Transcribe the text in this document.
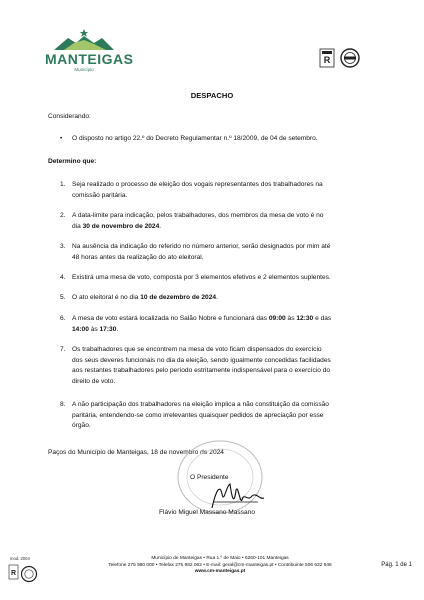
MANTEIGAS
Município
R
DESPACHO
Considerando:
• O disposto no artigo 22.º do Decreto Regulamentar n.º 18/2009, de 04 de setembro.
Determino que:
1. Seja realizado o processo de eleição dos vogais representantes dos trabalhadores na
comissão paritária.
2. A data-limite para indicação, pelos trabalhadores, dos membros da mesa de voto é no
dia 30 de novembro de 2024.
3. Na ausência da indicação do referido no número anterior, serão designados por mim até
48 horas antes da realização do ato eleitoral.
4. Existirá uma mesa de voto, composta por 3 elementos efetivos e 2 elementos suplentes.
5. O ato eleitoral é no dia 10 de dezembro de 2024.
6. A mesa de voto estará localizada no Salão Nobre e funcionará das 09:00 às 12:30 e das
14:00 às 17:30.
7. Os trabalhadores que se encontrem na mesa de voto ficam dispensados do exercício
dos seus deveres funcionais no dia da eleição, sendo igualmente concedidas facilidades
aos restantes trabalhadores pelo período estritamente indispensável para o exercício do
direito de voto.
8. A não participação dos trabalhadores na eleição implica a não constituição da comissão
paritária, entendendo-se como irrelevantes quaisquer pedidos de apreciação por esse
órgão.
Paços do Município de Manteigas, 18 de novembro de 2024
O Presidente
Flávio Miguel Massano Massano
mod. 2004
R
Município de Manteigas • Rua 1.º de Maio • 6260-101 Manteigas
Telefone 275 980 000 • Telefax 275 982 062 • E-mail: geral@cm-manteigas.pt • Contribuinte 506 632 948
www.cm-manteigas.pt
Pág. 1 de 1
